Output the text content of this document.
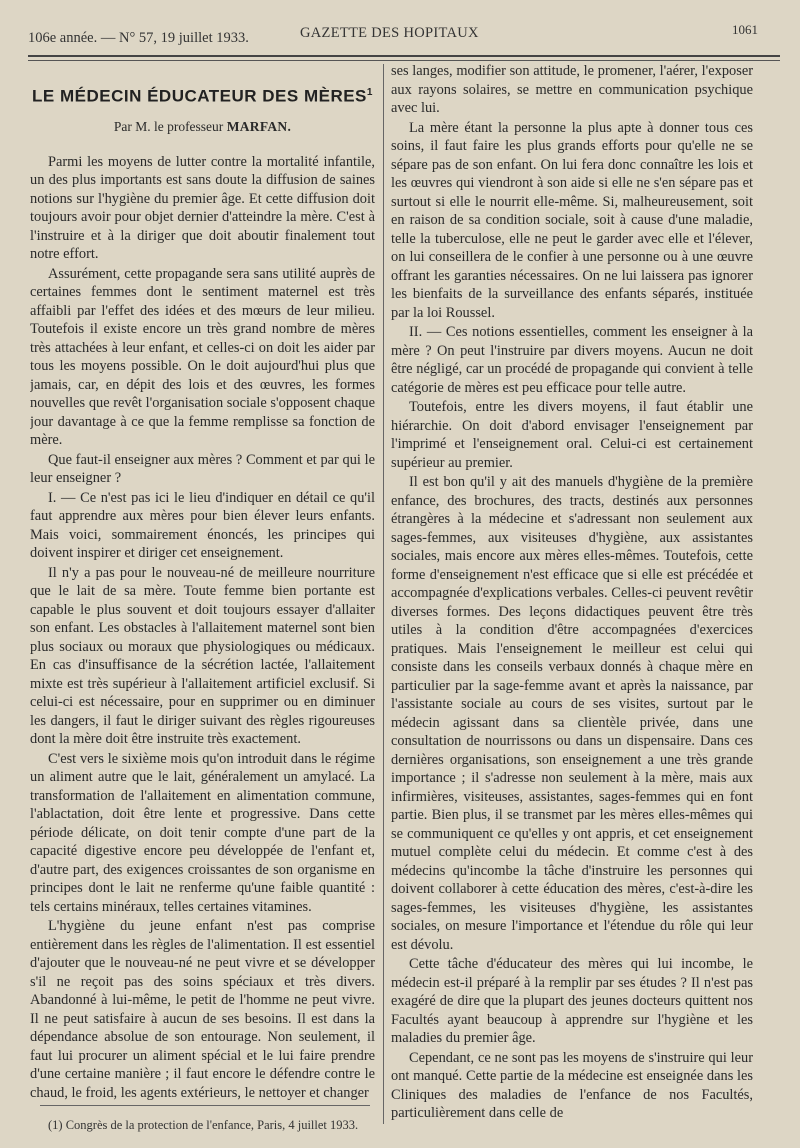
106e année. — N° 57, 19 juillet 1933.	GAZETTE DES HOPITAUX	1061
LE MÉDECIN ÉDUCATEUR DES MÈRES$^1$
Par M. le professeur MARFAN.

Parmi les moyens de lutter contre la mortalité infantile, un des plus importants est sans doute la diffusion de saines notions sur l'hygiène du premier âge. Et cette diffusion doit toujours avoir pour objet dernier d'atteindre la mère. C'est à l'instruire et à la diriger que doit aboutir finalement tout notre effort.

Assurément, cette propagande sera sans utilité auprès de certaines femmes dont le sentiment maternel est très affaibli par l'effet des idées et des mœurs de leur milieu. Toutefois il existe encore un très grand nombre de mères très attachées à leur enfant, et celles-ci on doit les aider par tous les moyens possible. On le doit aujourd'hui plus que jamais, car, en dépit des lois et des œuvres, les formes nouvelles que revêt l'organisation sociale s'opposent chaque jour davantage à ce que la femme remplisse sa fonction de mère.

Que faut-il enseigner aux mères ? Comment et par qui le leur enseigner ?

I. — Ce n'est pas ici le lieu d'indiquer en détail ce qu'il faut apprendre aux mères pour bien élever leurs enfants. Mais voici, sommairement énoncés, les principes qui doivent inspirer et diriger cet enseignement.

Il n'y a pas pour le nouveau-né de meilleure nourriture que le lait de sa mère. Toute femme bien portante est capable le plus souvent et doit toujours essayer d'allaiter son enfant. Les obstacles à l'allaitement maternel sont bien plus sociaux ou moraux que physiologiques ou médicaux. En cas d'insuffisance de la sécrétion lactée, l'allaitement mixte est très supérieur à l'allaitement artificiel exclusif. Si celui-ci est nécessaire, pour en supprimer ou en diminuer les dangers, il faut le diriger suivant des règles rigoureuses dont la mère doit être instruite très exactement.

C'est vers le sixième mois qu'on introduit dans le régime un aliment autre que le lait, généralement un amylacé. La transformation de l'allaitement en alimentation commune, l'ablactation, doit être lente et progressive. Dans cette période délicate, on doit tenir compte d'une part de la capacité digestive encore peu développée de l'enfant et, d'autre part, des exigences croissantes de son organisme en principes dont le lait ne renferme qu'une faible quantité : tels certains minéraux, telles certaines vitamines.

L'hygiène du jeune enfant n'est pas comprise entièrement dans les règles de l'alimentation. Il est essentiel d'ajouter que le nouveau-né ne peut vivre et se développer s'il ne reçoit pas des soins spéciaux et très divers. Abandonné à lui-même, le petit de l'homme ne peut vivre. Il ne peut satisfaire à aucun de ses besoins. Il est dans la dépendance absolue de son entourage. Non seulement, il faut lui procurer un aliment spécial et le lui faire prendre d'une certaine manière ; il faut encore le défendre contre le chaud, le froid, les agents extérieurs, le nettoyer et changer

(1) Congrès de la protection de l'enfance, Paris, 4 juillet 1933.

ses langes, modifier son attitude, le promener, l'aérer, l'exposer aux rayons solaires, se mettre en communication psychique avec lui.

La mère étant la personne la plus apte à donner tous ces soins, il faut faire les plus grands efforts pour qu'elle ne se sépare pas de son enfant. On lui fera donc connaître les lois et les œuvres qui viendront à son aide si elle ne s'en sépare pas et surtout si elle le nourrit elle-même. Si, malheureusement, soit en raison de sa condition sociale, soit à cause d'une maladie, telle la tuberculose, elle ne peut le garder avec elle et l'élever, on lui conseillera de le confier à une personne ou à une œuvre offrant les garanties nécessaires. On ne lui laissera pas ignorer les bienfaits de la surveillance des enfants séparés, instituée par la loi Roussel.

II. — Ces notions essentielles, comment les enseigner à la mère ? On peut l'instruire par divers moyens. Aucun ne doit être négligé, car un procédé de propagande qui convient à telle catégorie de mères est peu efficace pour telle autre.

Toutefois, entre les divers moyens, il faut établir une hiérarchie. On doit d'abord envisager l'enseignement par l'imprimé et l'enseignement oral. Celui-ci est certainement supérieur au premier.

Il est bon qu'il y ait des manuels d'hygiène de la première enfance, des brochures, des tracts, destinés aux personnes étrangères à la médecine et s'adressant non seulement aux sages-femmes, aux visiteuses d'hygiène, aux assistantes sociales, mais encore aux mères elles-mêmes. Toutefois, cette forme d'enseignement n'est efficace que si elle est précédée et accompagnée d'explications verbales. Celles-ci peuvent revêtir diverses formes. Des leçons didactiques peuvent être très utiles à la condition d'être accompagnées d'exercices pratiques. Mais l'enseignement le meilleur est celui qui consiste dans les conseils verbaux donnés à chaque mère en particulier par la sage-femme avant et après la naissance, par l'assistante sociale au cours de ses visites, surtout par le médecin agissant dans sa clientèle privée, dans une consultation de nourrissons ou dans un dispensaire. Dans ces dernières organisations, son enseignement a une très grande importance ; il s'adresse non seulement à la mère, mais aux infirmières, visiteuses, assistantes, sages-femmes qui en font partie. Bien plus, il se transmet par les mères elles-mêmes qui se communiquent ce qu'elles y ont appris, et cet enseignement mutuel complète celui du médecin. Et comme c'est à des médecins qu'incombe la tâche d'instruire les personnes qui doivent collaborer à cette éducation des mères, c'est-à-dire les sages-femmes, les visiteuses d'hygiène, les assistantes sociales, on mesure l'importance et l'étendue du rôle qui leur est dévolu.

Cette tâche d'éducateur des mères qui lui incombe, le médecin est-il préparé à la remplir par ses études ? Il n'est pas exagéré de dire que la plupart des jeunes docteurs quittent nos Facultés ayant beaucoup à apprendre sur l'hygiène et les maladies du premier âge.

Cependant, ce ne sont pas les moyens de s'instruire qui leur ont manqué. Cette partie de la médecine est enseignée dans les Cliniques des maladies de l'enfance de nos Facultés, particulièrement dans celle de
